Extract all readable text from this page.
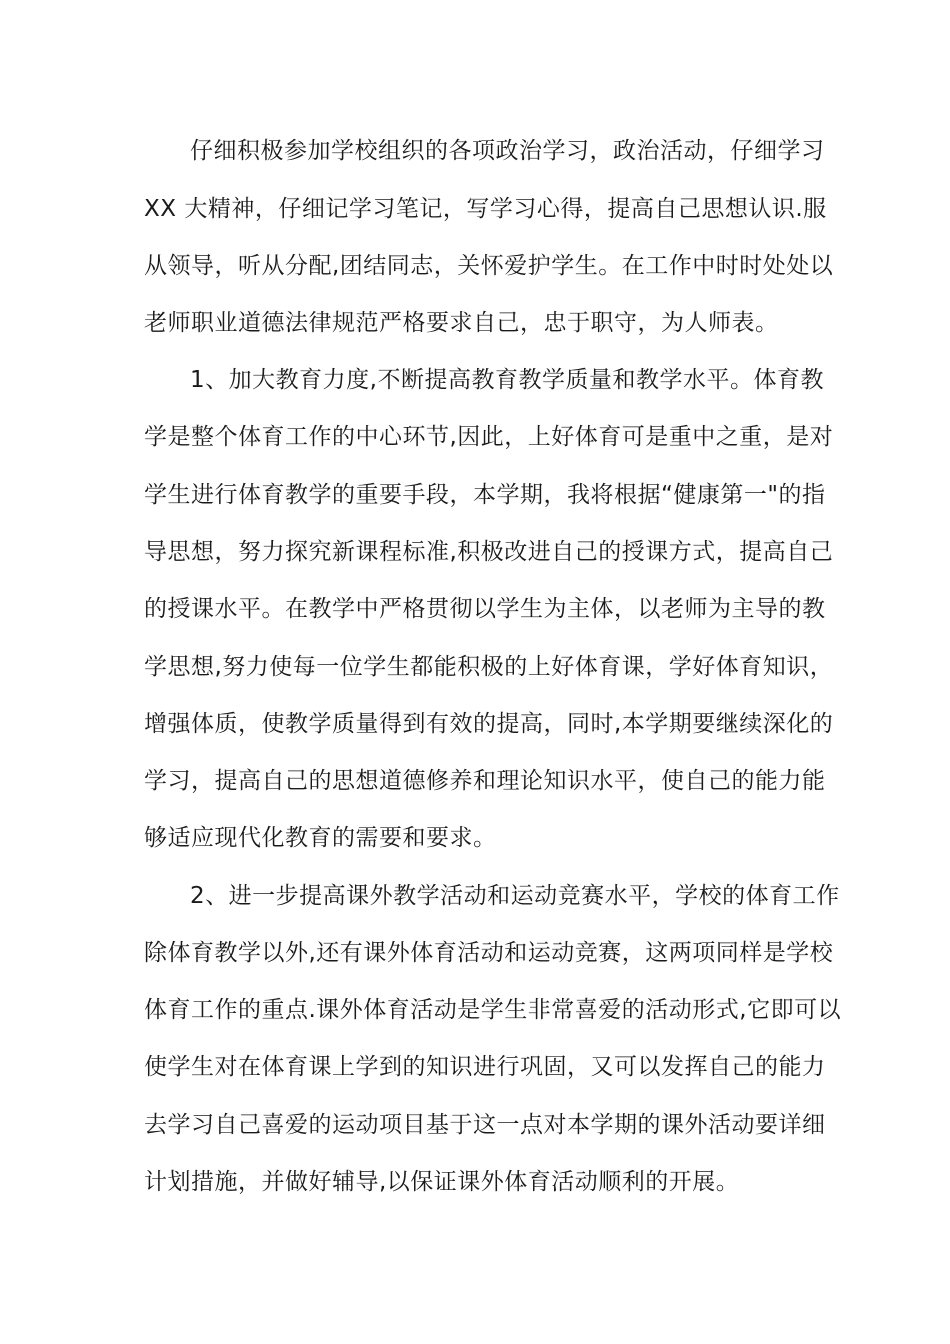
仔细积极参加学校组织的各项政治学习，政治活动，仔细学习

XX 大精神，仔细记学习笔记，写学习心得，提高自己思想认识.服

从领导，听从分配,团结同志，关怀爱护学生。在工作中时时处处以

老师职业道德法律规范严格要求自己，忠于职守，为人师表。

1、加大教育力度,不断提高教育教学质量和教学水平。体育教

学是整个体育工作的中心环节,因此，上好体育可是重中之重，是对

学生进行体育教学的重要手段，本学期，我将根据“健康第一"的指

导思想，努力探究新课程标准,积极改进自己的授课方式，提高自己

的授课水平。在教学中严格贯彻以学生为主体，以老师为主导的教

学思想,努力使每一位学生都能积极的上好体育课，学好体育知识，

增强体质，使教学质量得到有效的提高，同时,本学期要继续深化的

学习，提高自己的思想道德修养和理论知识水平，使自己的能力能

够适应现代化教育的需要和要求。

2、进一步提高课外教学活动和运动竞赛水平，学校的体育工作

除体育教学以外,还有课外体育活动和运动竞赛，这两项同样是学校

体育工作的重点.课外体育活动是学生非常喜爱的活动形式,它即可以

使学生对在体育课上学到的知识进行巩固，又可以发挥自己的能力

去学习自己喜爱的运动项目基于这一点对本学期的课外活动要详细

计划措施，并做好辅导,以保证课外体育活动顺利的开展。
